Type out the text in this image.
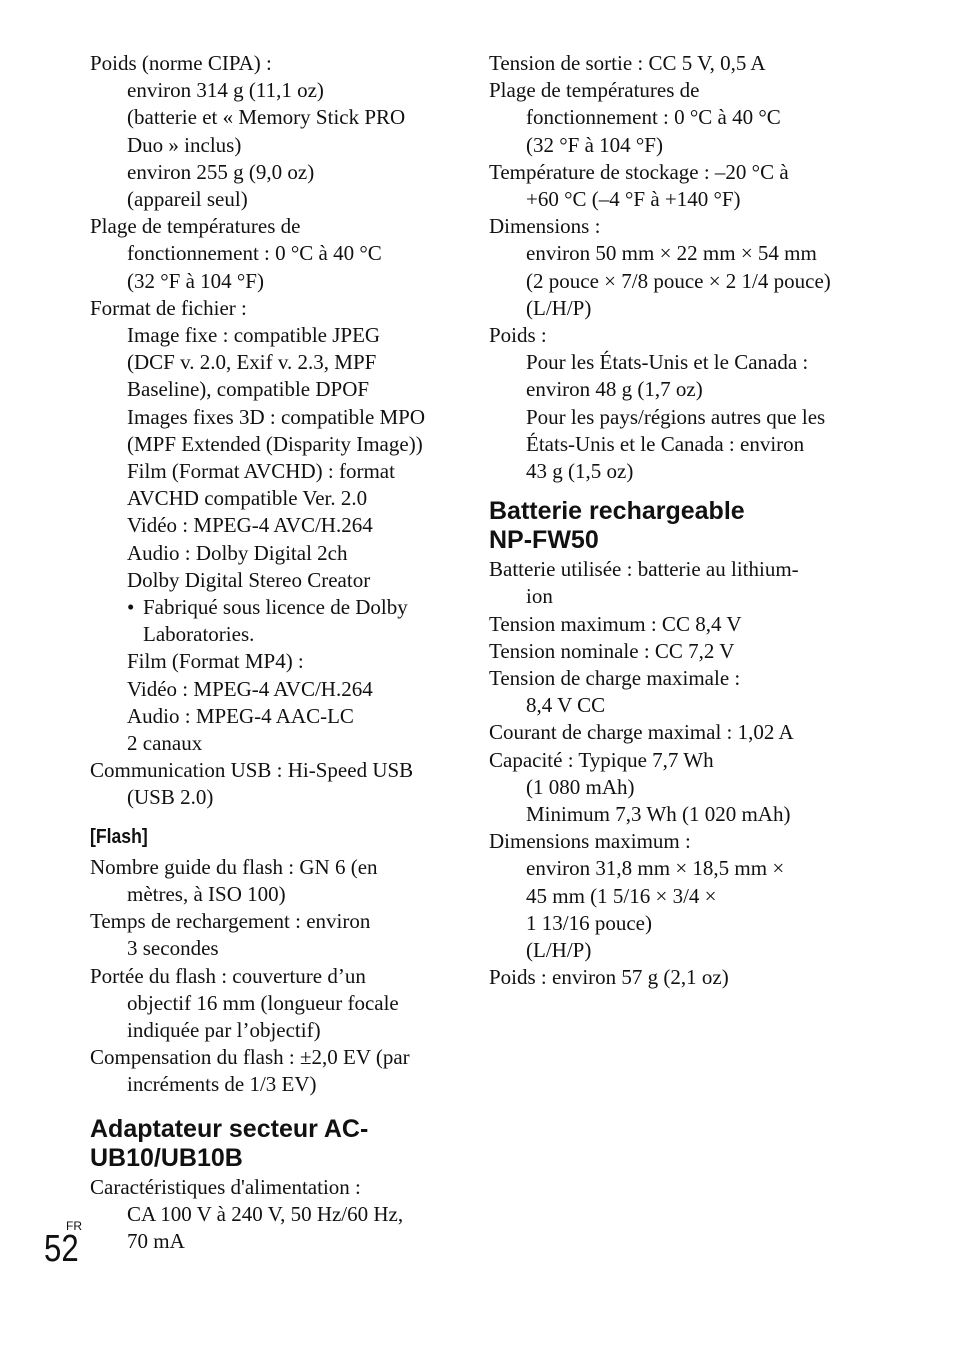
Poids (norme CIPA) :
environ 314 g (11,1 oz)
(batterie et « Memory Stick PRO
Duo » inclus)
environ 255 g (9,0 oz)
(appareil seul)
Plage de températures de
fonctionnement : 0 °C à 40 °C
(32 °F à 104 °F)
Format de fichier :
Image fixe : compatible JPEG
(DCF v. 2.0, Exif v. 2.3, MPF
Baseline), compatible DPOF
Images fixes 3D : compatible MPO
(MPF Extended (Disparity Image))
Film (Format AVCHD) : format
AVCHD compatible Ver. 2.0
Vidéo : MPEG-4 AVC/H.264
Audio : Dolby Digital 2ch
Dolby Digital Stereo Creator
• Fabriqué sous licence de Dolby
Laboratories.
Film (Format MP4) :
Vidéo : MPEG-4 AVC/H.264
Audio : MPEG-4 AAC-LC
2 canaux
Communication USB : Hi-Speed USB
(USB 2.0)
[Flash]
Nombre guide du flash : GN 6 (en
mètres, à ISO 100)
Temps de rechargement : environ
3 secondes
Portée du flash : couverture d’un
objectif 16 mm (longueur focale
indiquée par l’objectif)
Compensation du flash : ±2,0 EV (par
incréments de 1/3 EV)
Adaptateur secteur AC-
UB10/UB10B
Caractéristiques d'alimentation :
CA 100 V à 240 V, 50 Hz/60 Hz,
70 mA
Tension de sortie : CC 5 V, 0,5 A
Plage de températures de
fonctionnement : 0 °C à 40 °C
(32 °F à 104 °F)
Température de stockage : –20 °C à
+60 °C (–4 °F à +140 °F)
Dimensions :
environ 50 mm × 22 mm × 54 mm
(2 pouce × 7/8 pouce × 2 1/4 pouce)
(L/H/P)
Poids :
Pour les États-Unis et le Canada :
environ 48 g (1,7 oz)
Pour les pays/régions autres que les
États-Unis et le Canada : environ
43 g (1,5 oz)
Batterie rechargeable
NP-FW50
Batterie utilisée : batterie au lithium-
ion
Tension maximum : CC 8,4 V
Tension nominale : CC 7,2 V
Tension de charge maximale :
8,4 V CC
Courant de charge maximal : 1,02 A
Capacité : Typique 7,7 Wh
(1 080 mAh)
Minimum 7,3 Wh (1 020 mAh)
Dimensions maximum :
environ 31,8 mm × 18,5 mm ×
45 mm (1 5/16 × 3/4 ×
1 13/16 pouce)
(L/H/P)
Poids : environ 57 g (2,1 oz)
FR
52
